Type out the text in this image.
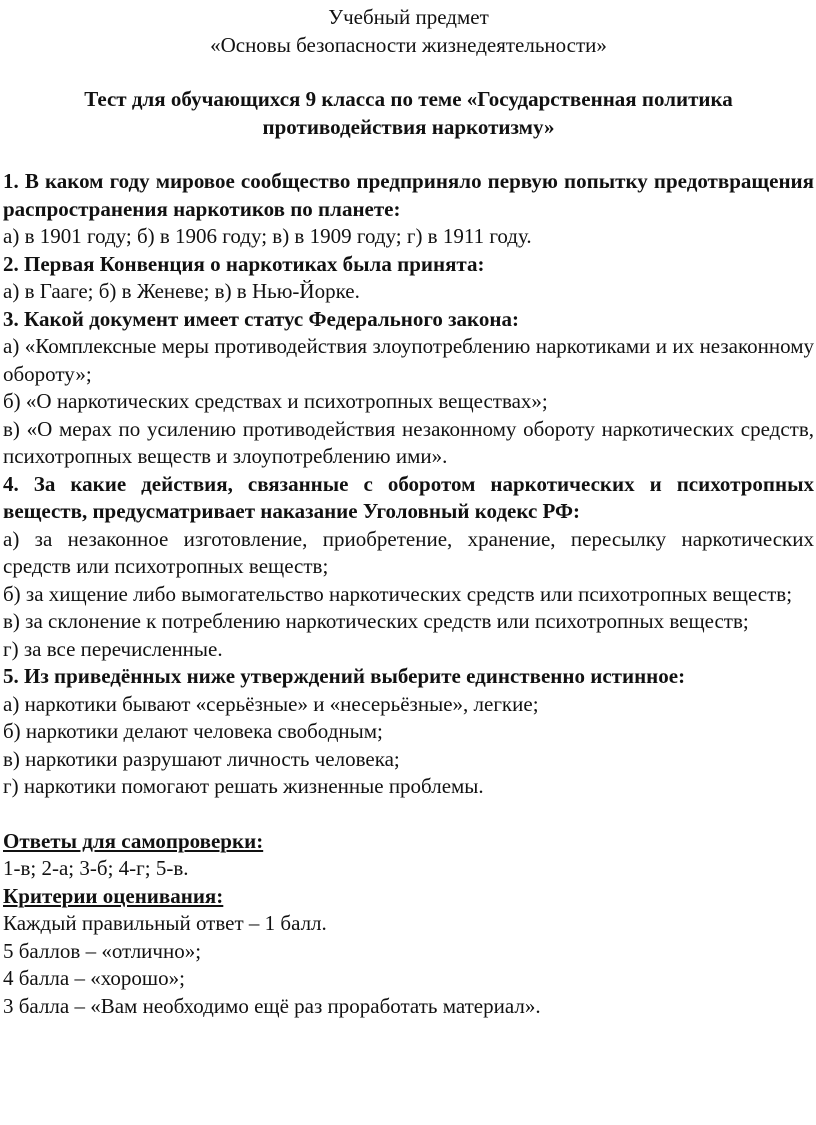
Учебный предмет

«Основы безопасности жизнедеятельности»

Тест для обучающихся 9 класса по теме «Государственная политика противодействия наркотизму»

1. В каком году мировое сообщество предприняло первую попытку предотвращения распространения наркотиков по планете:

а) в 1901 году; б) в 1906 году; в) в 1909 году; г) в 1911 году.

2. Первая Конвенция о наркотиках была принята:

а) в Гааге; б) в Женеве; в) в Нью-Йорке.

3. Какой документ имеет статус Федерального закона:

а) «Комплексные меры противодействия злоупотреблению наркотиками и их незаконному обороту»;

б) «О наркотических средствах и психотропных веществах»;

в) «О мерах по усилению противодействия незаконному обороту наркотических средств, психотропных веществ и злоупотреблению ими».

4. За какие действия, связанные с оборотом наркотических и психотропных веществ, предусматривает наказание Уголовный кодекс РФ:

а) за незаконное изготовление, приобретение, хранение, пересылку наркотических средств или психотропных веществ;

б) за хищение либо вымогательство наркотических средств или психотропных веществ;

в) за склонение к потреблению наркотических средств или психотропных веществ;

г) за все перечисленные.

5. Из приведённых ниже утверждений выберите единственно истинное:

а) наркотики бывают «серьёзные» и «несерьёзные», легкие;

б) наркотики делают человека свободным;

в) наркотики разрушают личность человека;

г) наркотики помогают решать жизненные проблемы.

Ответы для самопроверки:

1-в; 2-а; 3-б; 4-г; 5-в.

Критерии оценивания:

Каждый правильный ответ – 1 балл.

5 баллов – «отлично»;

4 балла – «хорошо»;

3 балла – «Вам необходимо ещё раз проработать материал».
